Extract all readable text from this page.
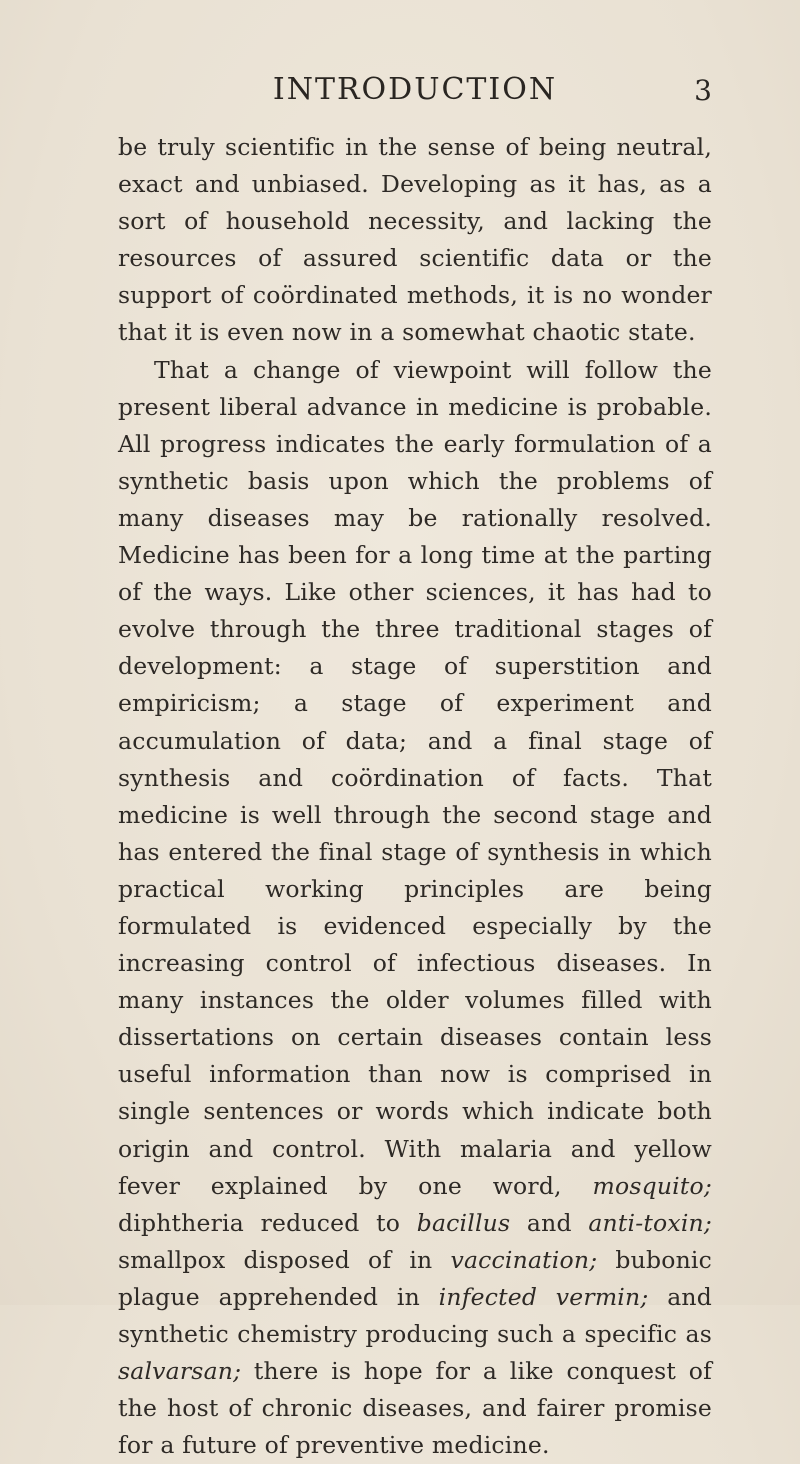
INTRODUCTION	3

be truly scientific in the sense of being neutral, exact and unbiased. Developing as it has, as a sort of household necessity, and lacking the resources of assured scientific data or the support of coördinated methods, it is no wonder that it is even now in a somewhat chaotic state.

That a change of viewpoint will follow the present liberal advance in medicine is probable. All progress indicates the early formulation of a synthetic basis upon which the problems of many diseases may be rationally resolved. Medicine has been for a long time at the parting of the ways. Like other sciences, it has had to evolve through the three traditional stages of development: a stage of superstition and empiricism; a stage of experiment and accumulation of data; and a final stage of synthesis and coördination of facts. That medicine is well through the second stage and has entered the final stage of synthesis in which practical working principles are being formulated is evidenced especially by the increasing control of infectious diseases. In many instances the older volumes filled with dissertations on certain diseases contain less useful information than now is comprised in single sentences or words which indicate both origin and control. With malaria and yellow fever explained by one word, mosquito; diphtheria reduced to bacillus and anti-toxin; smallpox disposed of in vaccination; bubonic plague apprehended in infected vermin; and synthetic chemistry producing such a specific as salvarsan; there is hope for a like conquest of the host of chronic diseases, and fairer promise for a future of preventive medicine.
